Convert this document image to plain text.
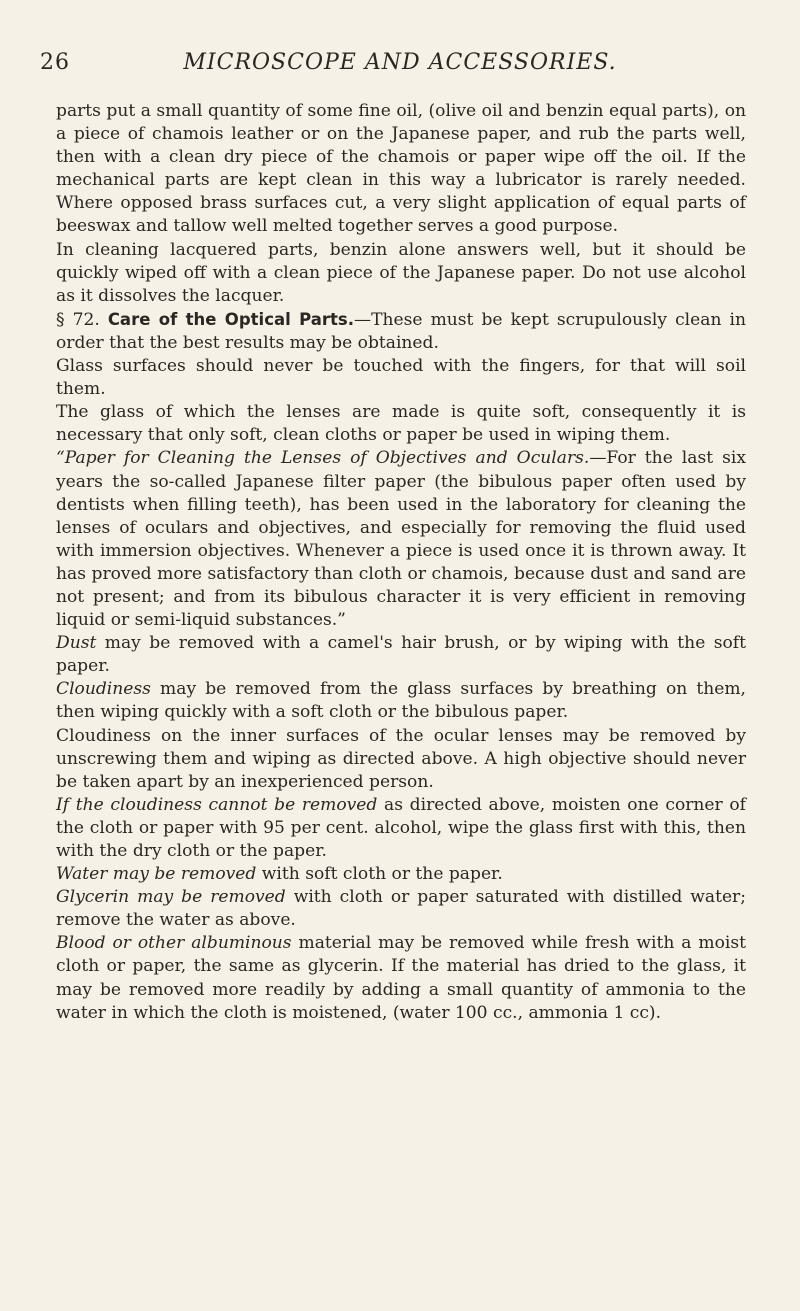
26	MICROSCOPE AND ACCESSORIES.

parts put a small quantity of some fine oil, (olive oil and benzin equal parts), on a piece of chamois leather or on the Japanese paper, and rub the parts well, then with a clean dry piece of the chamois or paper wipe off the oil. If the mechanical parts are kept clean in this way a lubricator is rarely needed. Where opposed brass surfaces cut, a very slight application of equal parts of beeswax and tallow well melted together serves a good purpose.

In cleaning lacquered parts, benzin alone answers well, but it should be quickly wiped off with a clean piece of the Japanese paper. Do not use alcohol as it dissolves the lacquer.

§ 72. Care of the Optical Parts.—These must be kept scrupulously clean in order that the best results may be obtained.

Glass surfaces should never be touched with the fingers, for that will soil them.

The glass of which the lenses are made is quite soft, consequently it is necessary that only soft, clean cloths or paper be used in wiping them.

“Paper for Cleaning the Lenses of Objectives and Oculars.—For the last six years the so-called Japanese filter paper (the bibulous paper often used by dentists when filling teeth), has been used in the laboratory for cleaning the lenses of oculars and objectives, and especially for removing the fluid used with immersion objectives. Whenever a piece is used once it is thrown away. It has proved more satisfactory than cloth or chamois, because dust and sand are not present; and from its bibulous character it is very efficient in removing liquid or semi-liquid substances.”

Dust may be removed with a camel's hair brush, or by wiping with the soft paper.

Cloudiness may be removed from the glass surfaces by breathing on them, then wiping quickly with a soft cloth or the bibulous paper.

Cloudiness on the inner surfaces of the ocular lenses may be removed by unscrewing them and wiping as directed above. A high objective should never be taken apart by an inexperienced person.

If the cloudiness cannot be removed as directed above, moisten one corner of the cloth or paper with 95 per cent. alcohol, wipe the glass first with this, then with the dry cloth or the paper.

Water may be removed with soft cloth or the paper.

Glycerin may be removed with cloth or paper saturated with distilled water; remove the water as above.

Blood or other albuminous material may be removed while fresh with a moist cloth or paper, the same as glycerin. If the material has dried to the glass, it may be removed more readily by adding a small quantity of ammonia to the water in which the cloth is moistened, (water 100 cc., ammonia 1 cc).
